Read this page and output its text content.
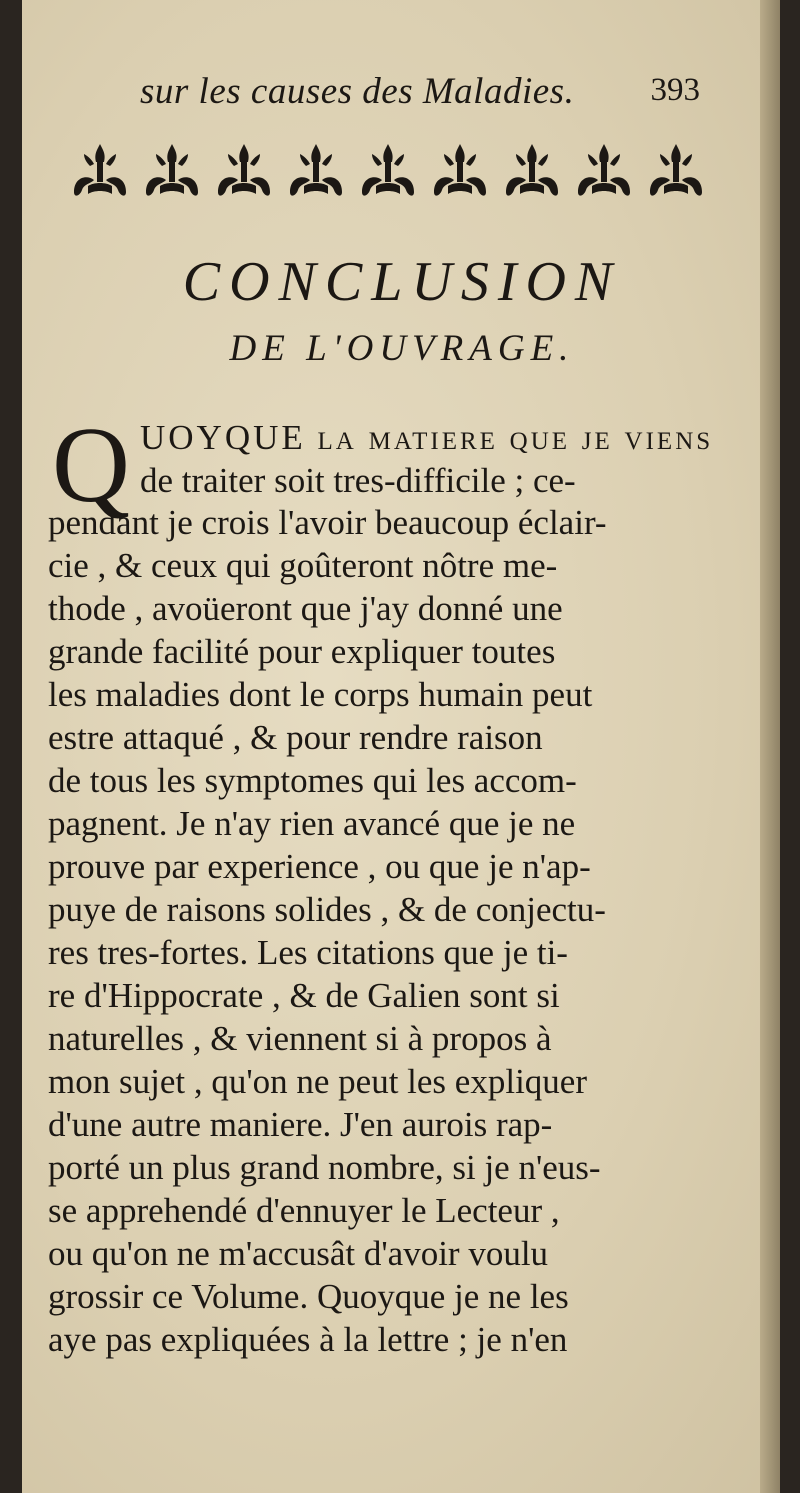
sur les causes des Maladies. 393
CONCLUSION
DE L'OUVRAGE.
Q UOYQUE la matiere que je viens
de traiter soit tres-difficile ; ce-
pendant je crois l'avoir beaucoup éclair-
cie , & ceux qui goûteront nôtre me-
thode , avoüeront que j'ay donné une
grande facilité pour expliquer toutes
les maladies dont le corps humain peut
estre attaqué , & pour rendre raison
de tous les symptomes qui les accom-
pagnent. Je n'ay rien avancé que je ne
prouve par experience , ou que je n'ap-
puye de raisons solides , & de conjectu-
res tres-fortes. Les citations que je ti-
re d'Hippocrate , & de Galien sont si
naturelles , & viennent si à propos à
mon sujet , qu'on ne peut les expliquer
d'une autre maniere. J'en aurois rap-
porté un plus grand nombre, si je n'eus-
se apprehendé d'ennuyer le Lecteur ,
ou qu'on ne m'accusât d'avoir voulu
grossir ce Volume. Quoyque je ne les
aye pas expliquées à la lettre ; je n'en
